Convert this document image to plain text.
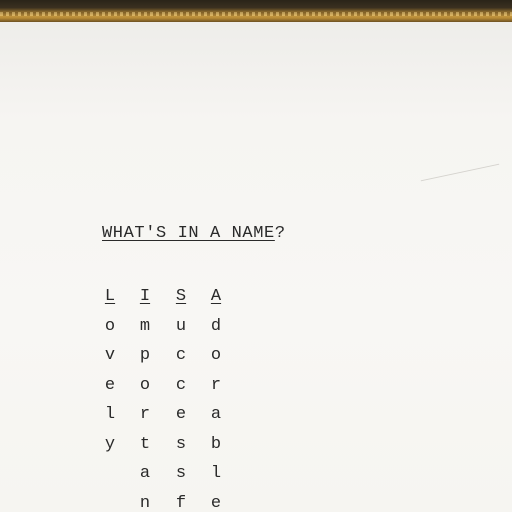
WHAT'S IN A NAME?
L
o
v
e
l
y
I
m
p
o
r
t
a
n
S
u
c
c
e
s
s
f
A
d
o
r
a
b
l
e
